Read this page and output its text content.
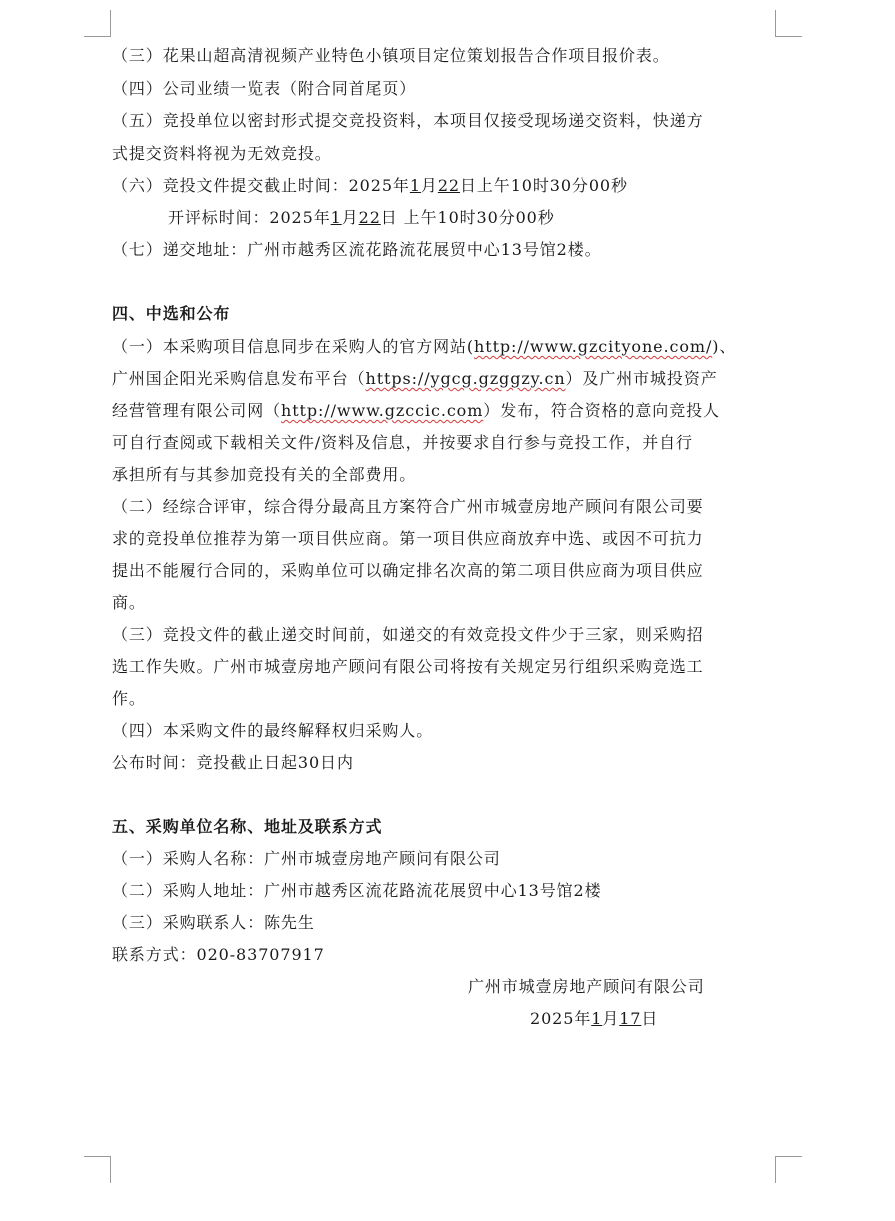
（三）花果山超高清视频产业特色小镇项目定位策划报告合作项目报价表。
（四）公司业绩一览表（附合同首尾页）
（五）竞投单位以密封形式提交竞投资料，本项目仅接受现场递交资料，快递方
式提交资料将视为无效竞投。
（六）竞投文件提交截止时间：2025年1月22日上午10时30分00秒
开评标时间：2025年1月22日 上午10时30分00秒
（七）递交地址：广州市越秀区流花路流花展贸中心13号馆2楼。
四、中选和公布
（一）本采购项目信息同步在采购人的官方网站(http://www.gzcityone.com/)、
广州国企阳光采购信息发布平台（https://ygcg.gzggzy.cn）及广州市城投资产
经营管理有限公司网（http://www.gzccic.com）发布，符合资格的意向竞投人
可自行查阅或下载相关文件/资料及信息，并按要求自行参与竞投工作，并自行
承担所有与其参加竞投有关的全部费用。
（二）经综合评审，综合得分最高且方案符合广州市城壹房地产顾问有限公司要
求的竞投单位推荐为第一项目供应商。第一项目供应商放弃中选、或因不可抗力
提出不能履行合同的，采购单位可以确定排名次高的第二项目供应商为项目供应
商。
（三）竞投文件的截止递交时间前，如递交的有效竞投文件少于三家，则采购招
选工作失败。广州市城壹房地产顾问有限公司将按有关规定另行组织采购竞选工
作。
（四）本采购文件的最终解释权归采购人。
公布时间：竞投截止日起30日内
五、采购单位名称、地址及联系方式
（一）采购人名称：广州市城壹房地产顾问有限公司
（二）采购人地址：广州市越秀区流花路流花展贸中心13号馆2楼
（三）采购联系人：陈先生
联系方式：020-83707917
广州市城壹房地产顾问有限公司
2025年1月17日
